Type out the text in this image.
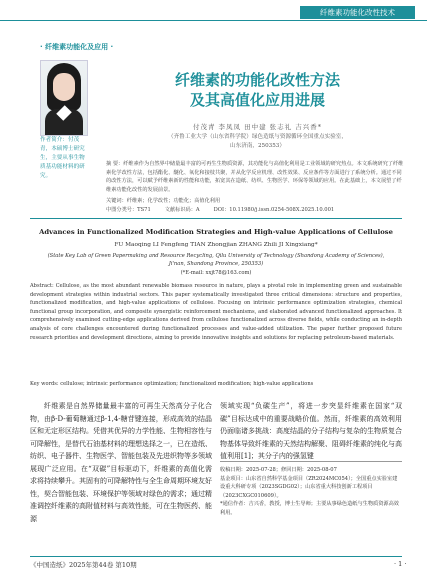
纤维素功能化改性技术
· 纤维素功能化及应用 ·
作者简介：付茂青，本硕博士研究生，主要从事生物质基功能材料的研究。
纤维素的功能化改性方法
及其高值化应用进展
付茂青 李凤凤 田中建 张志礼 吉兴香*
（齐鲁工业大学（山东省科学院）绿色造纸与资源循环全国重点实验室，
山东济南，250353）
摘 要：纤维素作为自然界中储量最丰富的可再生生物质资源，其功能化与高值化利用是工业领域的研究热点。本文系统研究了纤维素化学改性方法，包括酯化、醚化、氧化和接枝共聚，并从化学反应机理、改性效果、反应条件等方面进行了系统分析。通过不同的改性方法，可以赋予纤维素新的性能和功能，拓宽其在造纸、纺织、生物医学、环保等领域的应用。在此基础上，本文展望了纤维素功能化改性的发展前景。
关键词：纤维素；化学改性；功能化；高值化利用
中图分类号：TS71	文献标识码：A	DOI：10.11980/j.issn.0254-508X.2025.10.001
Advances in Functionalized Modification Strategies and High-value Applications of Cellulose
FU Maoqing LI Fengfeng TIAN Zhongjian ZHANG Zhili JI Xingxiang*
(State Key Lab of Green Papermaking and Resource Recycling, Qilu University of Technology (Shandong Academy of Sciences),
Ji'nan, Shandong Province, 250353)
(*E-mail: xxjt78@163.com)
Abstract: Cellulose, as the most abundant renewable biomass resource in nature, plays a pivotal role in implementing green and sustainable development strategies within industrial sectors. This paper systematically investigated three critical dimensions: structure and properties, functionalized modification, and high-value applications of cellulose. Focusing on intrinsic performance optimization strategies, chemical functional group incorporation, and composite synergistic reinforcement mechanisms, and elaborated advanced functionalized approaches. It comprehensively examined cutting-edge applications derived from cellulose functionalized across diverse fields, while conducting an in-depth analysis of core challenges encountered during functionalized processes and value-added utilization. The paper further proposed future research priorities and development directions, aiming to provide innovative insights and solutions for replacing petroleum-based materials.
Key words: cellulose; intrinsic performance optimization; functionalized modification; high-value applications

纤维素是自然界储量最丰富的可再生天然高分子化合物，由β-D-葡萄糖通过β-1,4-糖苷键连接，形成高效的结晶区和无定形区结构。凭借其优异的力学性能、生物相容性与可降解性，是替代石油基材料的理想选择之一，已在造纸、纺织、电子器件、生物医学、智能包装及先进织物等多领域展现广泛应用。在“双碳”目标驱动下，纤维素的高值化需求将持续攀升。其固有的可降解特性与全生命周期环境友好性，契合智能包装、环境保护等领域对绿色的需求；通过精准调控纤维素的高附值材料与高效性能，可在生物医药、能源

领域实现“负碳生产”，将进一步突显纤维素在国家“双碳”目标达成中的重要战略价值。然而，纤维素的高效利用仍面临诸多挑战：高度结晶的分子结构与复杂的生物质复合物基体导致纤维素的天然结构解聚、阻碍纤维素的纯化与高值利用[1]；其分子内的强氢键

收稿日期：2025-07-28；修回日期：2025-08-07
基金项目：山东省自然科学基金项目（ZR2024MC054）；全国重点实验室建设重大科研专项（2023SGDG02）；山东省重大科技创新工程项目（2023CXGC010609）。
*通信作者：吉兴香，教授，博士生导师；主要从事绿色造纸与生物质资源高效利用。
《中国造纸》2025年第44卷 第10期	· 1 ·
